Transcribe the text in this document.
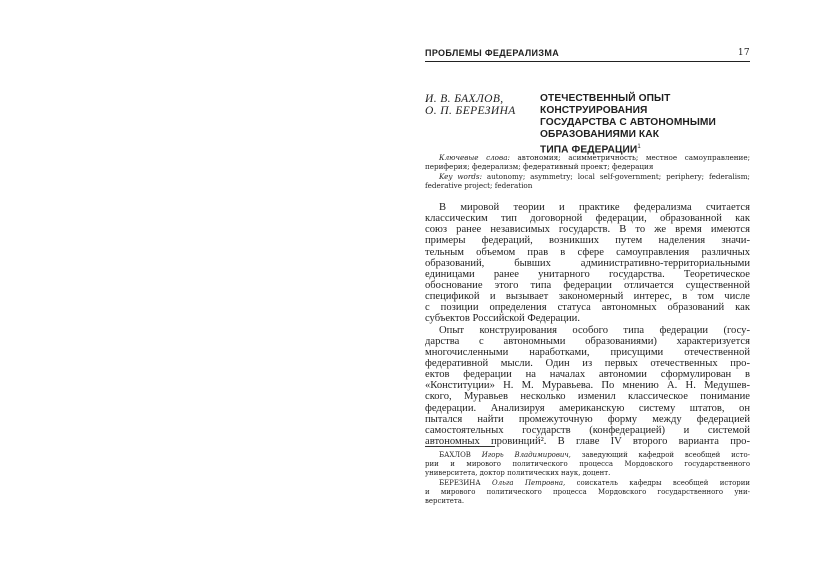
ПРОБЛЕМЫ ФЕДЕРАЛИЗМА	17
И. В. БАХЛОВ,
О. П. БЕРЕЗИНА
ОТЕЧЕСТВЕННЫЙ ОПЫТ
КОНСТРУИРОВАНИЯ
ГОСУДАРСТВА С АВТОНОМНЫМИ
ОБРАЗОВАНИЯМИ КАК
ТИПА ФЕДЕРАЦИИ$^1$

Ключевые слова: автономия; асимметричность; местное самоуправление; периферия; федерализм; федеративный проект; федерация

Key words: autonomy; asymmetry; local self-government; periphery; federalism; federative project; federation

В мировой теории и практике федерализма считается
классическим тип договорной федерации, образованной как
союз ранее независимых государств. В то же время имеются
примеры федераций, возникших путем наделения значи-
тельным объемом прав в сфере самоуправления различных
образований, бывших административно-территориальными
единицами ранее унитарного государства. Теоретическое
обоснование этого типа федерации отличается существенной
спецификой и вызывает закономерный интерес, в том числе
с позиции определения статуса автономных образований как
субъектов Российской Федерации.
Опыт конструирования особого типа федерации (госу-
дарства с автономными образованиями) характеризуется
многочисленными наработками, присущими отечественной
федеративной мысли. Один из первых отечественных про-
ектов федерации на началах автономии сформулирован в
«Конституции» Н. М. Муравьева. По мнению А. Н. Медушев-
ского, Муравьев несколько изменил классическое понимание
федерации. Анализируя американскую систему штатов, он
пытался найти промежуточную форму между федерацией
самостоятельных государств (конфедерацией) и системой
автономных провинций². В главе IV второго варианта про-
БАХЛОВ Игорь Владимирович, заведующий кафедрой всеобщей исто-
рии и мирового политического процесса Мордовского государственного
университета, доктор политических наук, доцент.
БЕРЕЗИНА Ольга Петровна, соискатель кафедры всеобщей истории
и мирового политического процесса Мордовского государственного уни-
верситета.
